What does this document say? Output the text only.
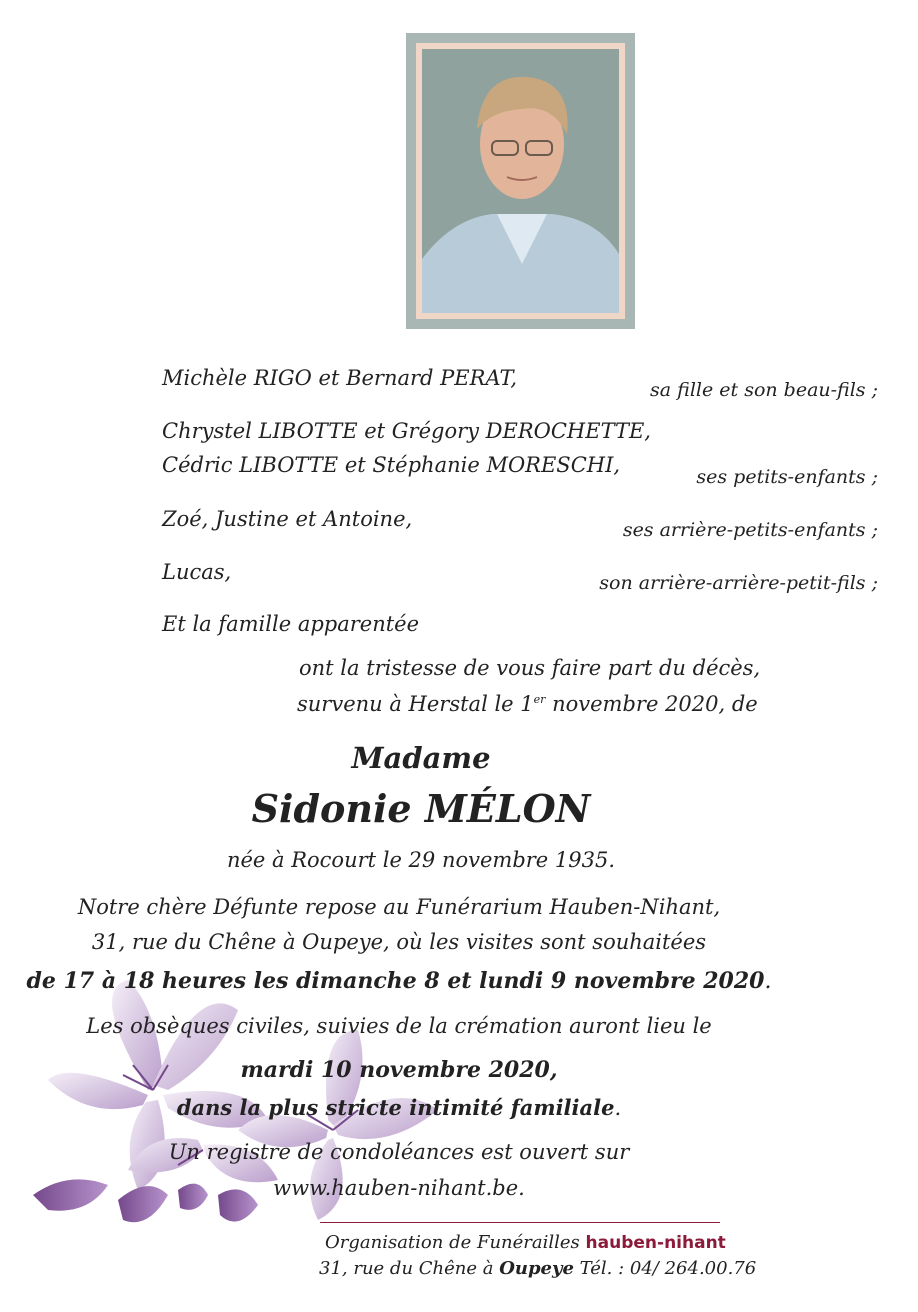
Michèle RIGO et Bernard PERAT,	sa fille et son beau-fils ;
Chrystel LIBOTTE et Grégory DEROCHETTE,
Cédric LIBOTTE et Stéphanie MORESCHI,	ses petits-enfants ;
Zoé, Justine et Antoine,	ses arrière-petits-enfants ;
Lucas,	son arrière-arrière-petit-fils ;
Et la famille apparentée
ont la tristesse de vous faire part du décès,
survenu à Herstal le 1er novembre 2020, de
Madame
Sidonie MÉLON
née à Rocourt le 29 novembre 1935.
Notre chère Défunte repose au Funérarium Hauben-Nihant,
31, rue du Chêne à Oupeye, où les visites sont souhaitées
de 17 à 18 heures les dimanche 8 et lundi 9 novembre 2020.
Les obsèques civiles, suivies de la crémation auront lieu le
mardi 10 novembre 2020,
dans la plus stricte intimité familiale.
Un registre de condoléances est ouvert sur
www.hauben-nihant.be.
Organisation de Funérailles hauben-nihant
31, rue du Chêne à Oupeye Tél. : 04/ 264.00.76
